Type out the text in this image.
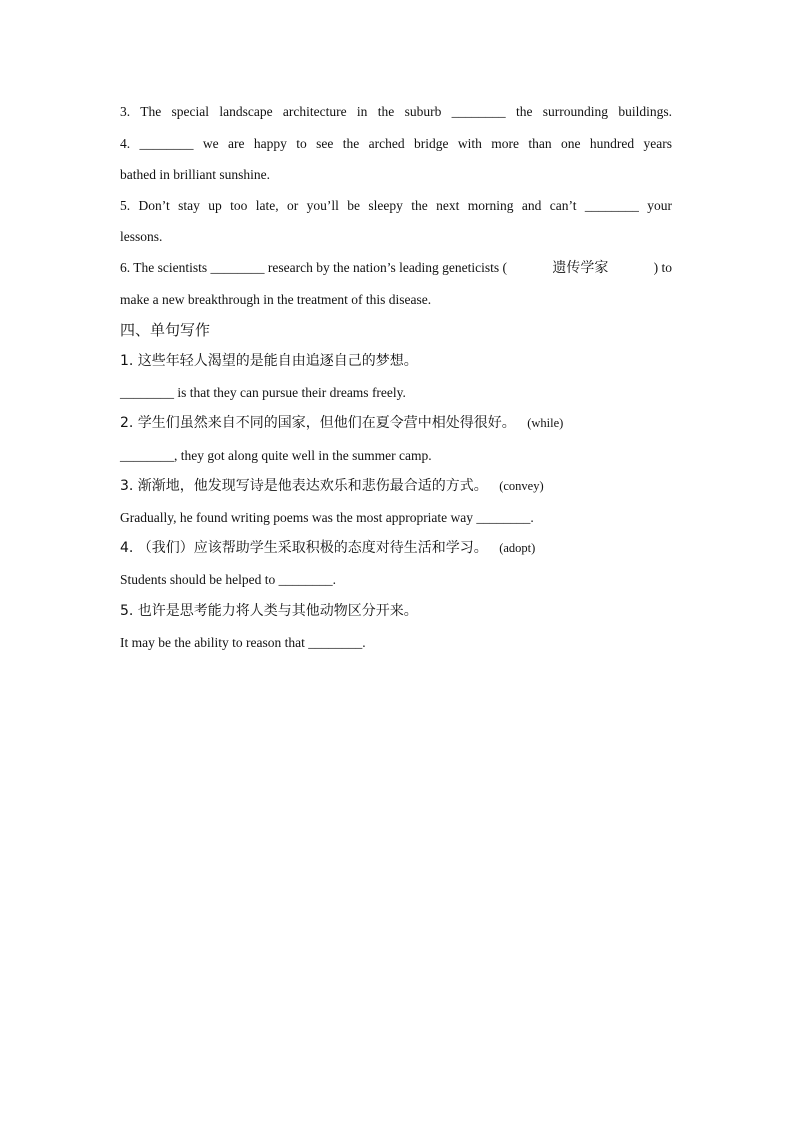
3. The special landscape architecture in the suburb ________ the surrounding buildings.
4. ________ we are happy to see the arched bridge with more than one hundred years
bathed in brilliant sunshine.
5. Don’t stay up too late, or you’ll be sleepy the next morning and can’t ________ your
lessons.
6. The scientists ________ research by the nation’s leading geneticists (	遗传学家	) to
make a new breakthrough in the treatment of this disease.
四、单句写作
1. 这些年轻人渴望的是能自由追逐自己的梦想。
________ is that they can pursue their dreams freely.
2. 学生们虽然来自不同的国家，但他们在夏令营中相处得很好。 (while)
________, they got along quite well in the summer camp.
3. 渐渐地，他发现写诗是他表达欢乐和悲伤最合适的方式。 (convey)
Gradually, he found writing poems was the most appropriate way ________.
4. （我们）应该帮助学生采取积极的态度对待生活和学习。 (adopt)
Students should be helped to ________.
5. 也许是思考能力将人类与其他动物区分开来。
It may be the ability to reason that ________.
